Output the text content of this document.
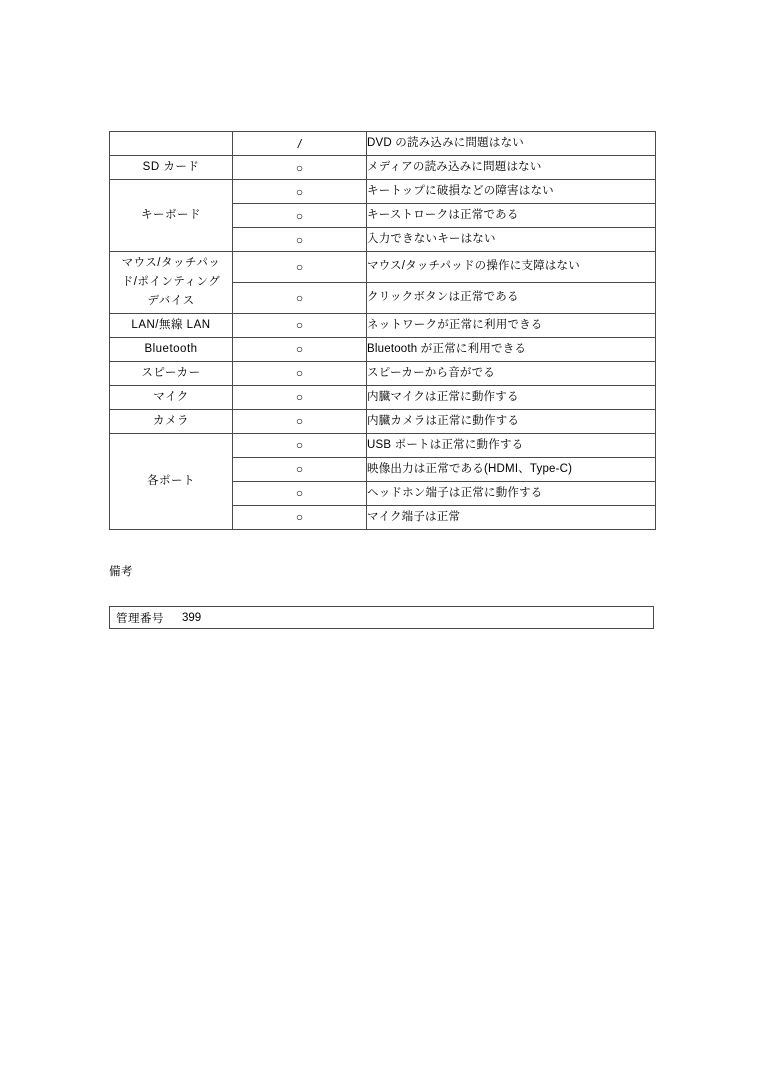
	/	DVD の読み込みに問題はない

SD カード	○	メディアの読み込みに問題はない

キーボード	○	キートップに破損などの障害はない

	○	キーストロークは正常である

	○	入力できないキーはない

マウス/タッチパッド/ポインティングデバイス	○	マウス/タッチパッドの操作に支障はない

	○	クリックボタンは正常である

LAN/無線 LAN	○	ネットワークが正常に利用できる

Bluetooth	○	Bluetooth が正常に利用できる

スピーカー	○	スピーカーから音がでる

マイク	○	内臓マイクは正常に動作する

カメラ	○	内臓カメラは正常に動作する

各ポート	○	USB ポートは正常に動作する

	○	映像出力は正常である(HDMI、Type-C)

	○	ヘッドホン端子は正常に動作する

	○	マイク端子は正常
備考
管理番号	399
